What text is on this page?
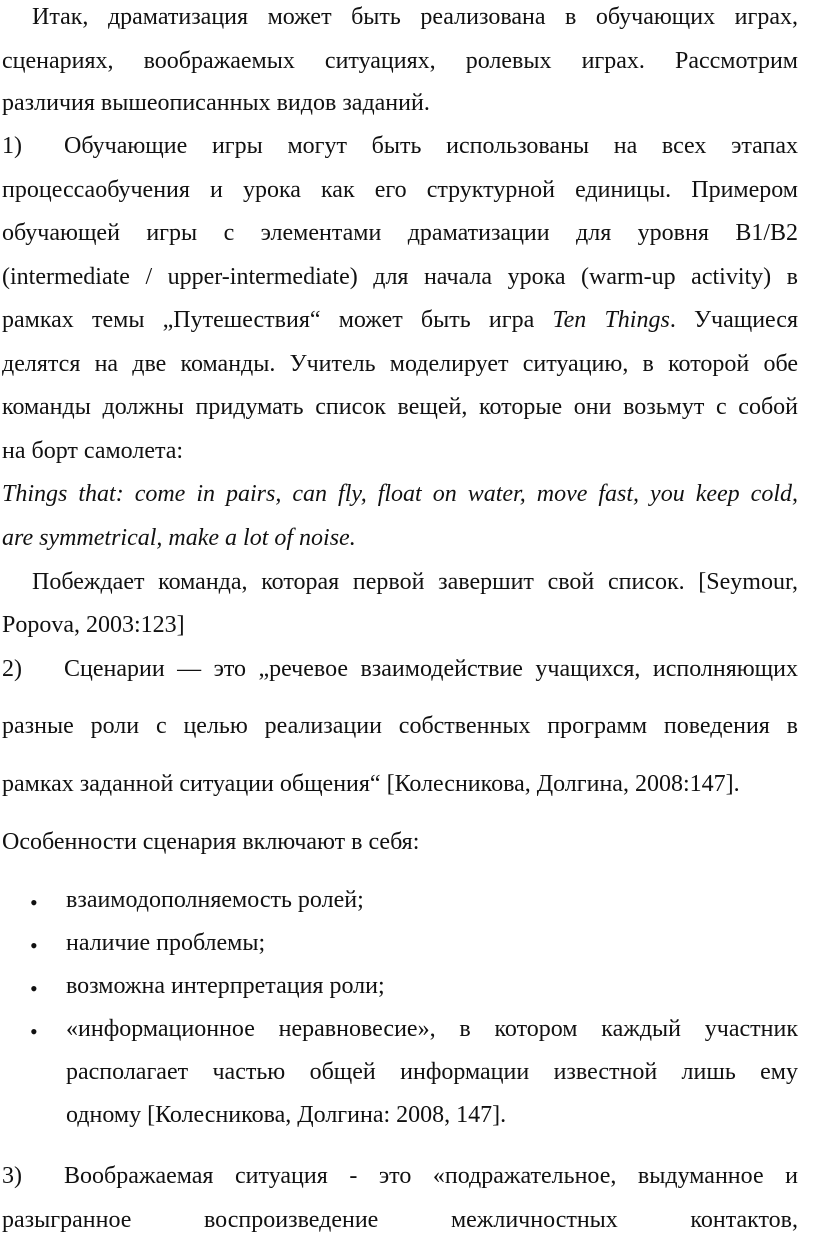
Итак, драматизация может быть реализована в обучающих играх,
сценариях, воображаемых ситуациях, ролевых играх. Рассмотрим
различия вышеописанных видов заданий.
1) Обучающие игры могут быть использованы на всех этапах
процессаобучения и урока как его структурной единицы. Примером
обучающей игры с элементами драматизации для уровня B1/B2
(intermediate / upper-intermediate) для начала урока (warm-up activity) в
рамках темы „Путешествия“ может быть игра Ten Things. Учащиеся
делятся на две команды. Учитель моделирует ситуацию, в которой обе
команды должны придумать список вещей, которые они возьмут с собой
на борт самолета:
Things that: come in pairs, can fly, float on water, move fast, you keep cold,
are symmetrical, make a lot of noise.
Побеждает команда, которая первой завершит свой список. [Seymour,
Popova, 2003:123]
2) Сценарии — это „речевое взаимодействие учащихся, исполняющих
разные роли с целью реализации собственных программ поведения в
рамках заданной ситуации общения“ [Колесникова, Долгина, 2008:147].
Особенности сценария включают в себя:
• взаимодополняемость ролей;
• наличие проблемы;
• возможна интерпретация роли;
• «информационное неравновесие», в котором каждый участник
располагает частью общей информации известной лишь ему
одному [Колесникова, Долгина: 2008, 147].
3) Воображаемая ситуация - это «подражательное, выдуманное и
разыгранное воспроизведение межличностных контактов,
